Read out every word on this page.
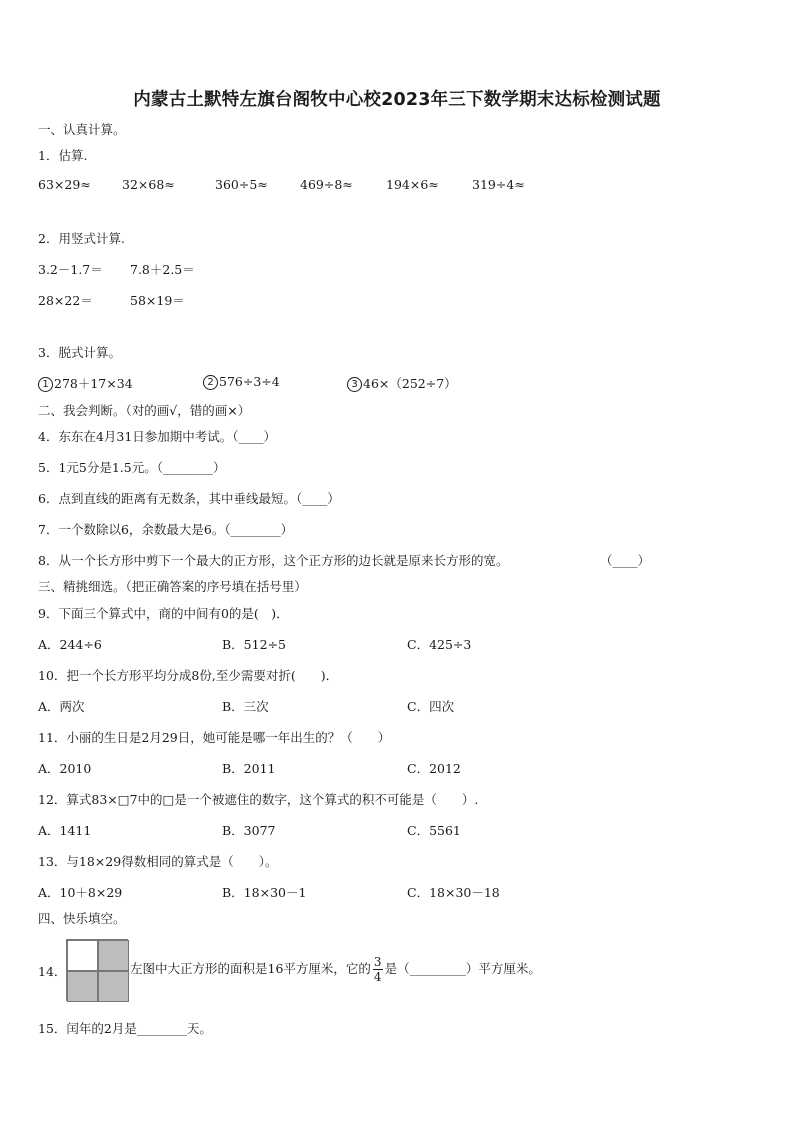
内蒙古土默特左旗台阁牧中心校2023年三下数学期末达标检测试题
一、认真计算。
1．估算.
63×29≈ 32×68≈	360÷5≈	469÷8≈	194×6≈	319÷4≈
2．用竖式计算.
3.2－1.7＝ 7.8＋2.5＝
28×22＝	58×19＝
3．脱式计算。
1 278＋17×34	2 576÷3÷4	3 46×（252÷7）
二、我会判断。（对的画√，错的画×）
4．东东在4月31日参加期中考试。（____）
5．1元5分是1.5元。（________）
6．点到直线的距离有无数条，其中垂线最短。（____）
7．一个数除以6，余数最大是6。（________）
8．从一个长方形中剪下一个最大的正方形，这个正方形的边长就是原来长方形的宽。	（____）
三、精挑细选。（把正确答案的序号填在括号里）
9．下面三个算式中，商的中间有0的是(　)．
A．244÷6	B．512÷5	C．425÷3
10．把一个长方形平均分成8份,至少需要对折(　　)．
A．两次	B．三次	C．四次
11．小丽的生日是2月29日，她可能是哪一年出生的？（　　）
A．2010	B．2011	C．2012
12．算式83×□7中的□是一个被遮住的数字，这个算式的积不可能是（　　）.
A．1411	B．3077	C．5561
13．与18×29得数相同的算式是（　　）。
A．10＋8×29	B．18×30－1	C．18×30－18
四、快乐填空。
14．	左图中大正方形的面积是16平方厘米，它的 $\frac{3}{4}$ 是（_________）平方厘米。
15．闰年的2月是________天。
